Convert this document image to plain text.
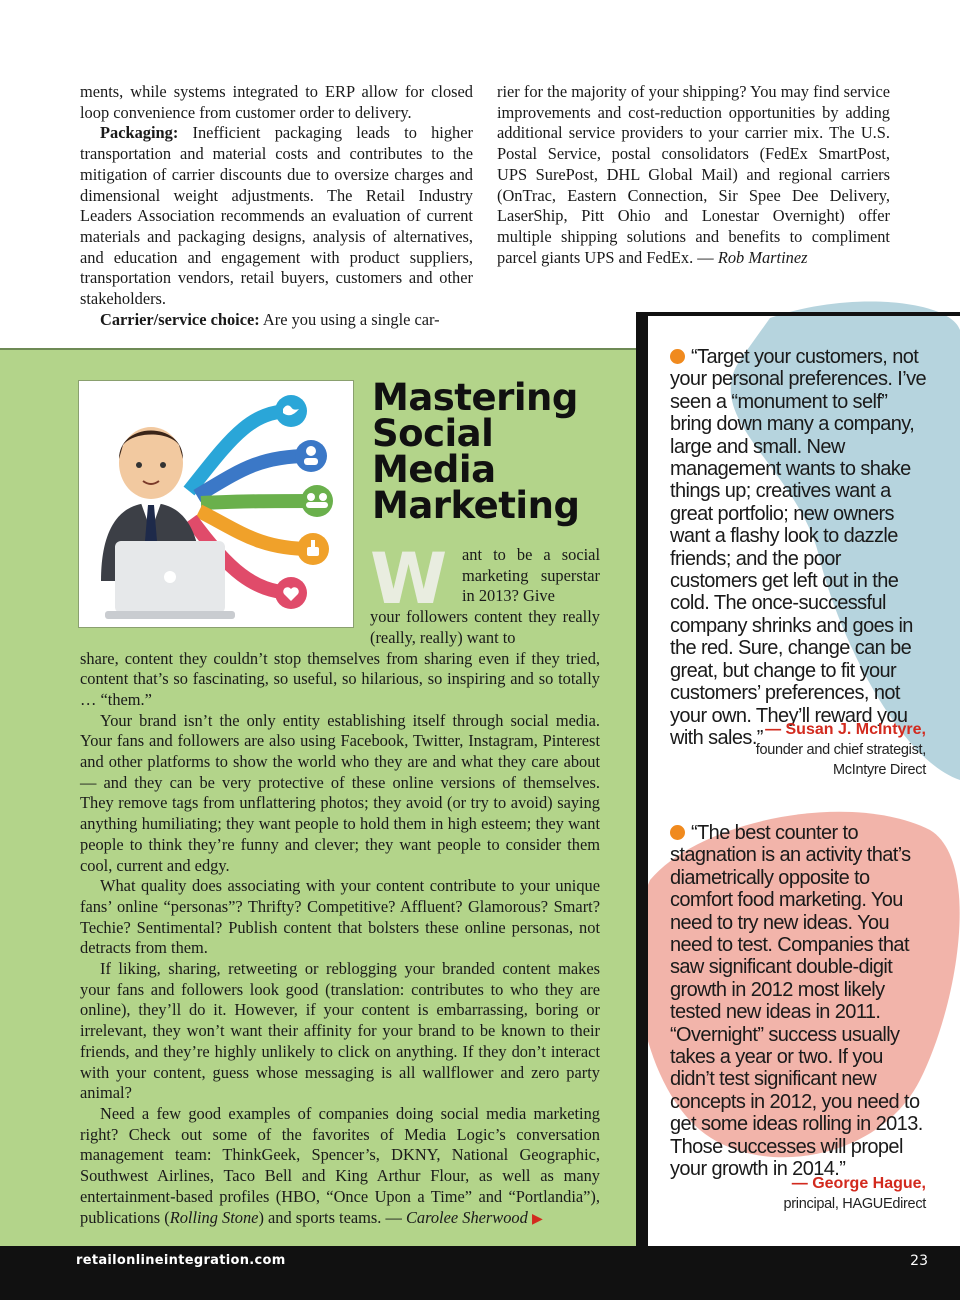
ments, while systems integrated to ERP allow for closed loop convenience from customer order to delivery.

Packaging: Inefficient packaging leads to higher transportation and material costs and contributes to the mitigation of carrier discounts due to oversize charges and dimensional weight adjustments. The Retail Industry Leaders Association recommends an evaluation of current materials and packaging designs, analysis of alternatives, and education and engagement with product suppliers, transportation vendors, retail buyers, customers and other stakeholders.

Carrier/service choice: Are you using a single car-

rier for the majority of your shipping? You may find service improvements and cost-reduction opportunities by adding additional service providers to your carrier mix. The U.S. Postal Service, postal consolidators (FedEx SmartPost, UPS SurePost, DHL Global Mail) and regional carriers (OnTrac, Eastern Connection, Sir Spee Dee Delivery, LaserShip, Pitt Ohio and Lonestar Overnight) offer multiple shipping solutions and benefits to compliment parcel giants UPS and FedEx. — Rob Martinez

Mastering
Social
Media
Marketing
W ant to be a social marketing superstar in 2013? Give
your followers content they really (really, really) want to

share, content they couldn’t stop themselves from sharing even if they tried, content that’s so fascinating, so useful, so hilarious, so inspiring and so totally … “them.”

Your brand isn’t the only entity establishing itself through social media. Your fans and followers are also using Facebook, Twitter, Instagram, Pinterest and other platforms to show the world who they are and what they care about — and they can be very protective of these online versions of themselves. They remove tags from unflattering photos; they avoid (or try to avoid) saying anything humiliating; they want people to hold them in high esteem; they want people to think they’re funny and clever; they want people to consider them cool, current and edgy.

What quality does associating with your content contribute to your unique fans’ online “personas”? Thrifty? Competitive? Affluent? Glamorous? Smart? Techie? Sentimental? Publish content that bolsters these online personas, not detracts from them.

If liking, sharing, retweeting or reblogging your branded content makes your fans and followers look good (translation: contributes to who they are online), they’ll do it. However, if your content is embarrassing, boring or irrelevant, they won’t want their affinity for your brand to be known to their friends, and they’re highly unlikely to click on anything. If they don’t interact with your content, guess whose messaging is all wallflower and zero party animal?

Need a few good examples of companies doing social media marketing right? Check out some of the favorites of Media Logic’s conversation management team: ThinkGeek, Spencer’s, DKNY, National Geographic, Southwest Airlines, Taco Bell and King Arthur Flour, as well as many entertainment-based profiles (HBO, “Once Upon a Time” and “Portlandia”), publications (Rolling Stone) and sports teams. — Carolee Sherwood ▶

“Target your customers, not your personal preferences. I’ve seen a “monument to self” bring down many a company, large and small. New management wants to shake things up; creatives want a great portfolio; new owners want a flashy look to dazzle friends; and the poor customers get left out in the cold. The once-successful company shrinks and goes in the red. Sure, change can be great, but change to fit your customers’ preferences, not your own. They’ll reward you with sales.” — Susan J. McIntyre,
founder and chief strategist,
McIntyre Direct
“The best counter to stagnation is an activity that’s diametrically opposite to comfort food marketing. You need to try new ideas. You need to test. Companies that saw significant double-digit growth in 2012 most likely tested new ideas in 2011. “Overnight” success usually takes a year or two. If you didn’t test significant new concepts in 2012, you need to get some ideas rolling in 2013. Those successes will propel your growth in 2014.”
— George Hague,
principal, HAGUEdirect
retailonlineintegration.com	23
